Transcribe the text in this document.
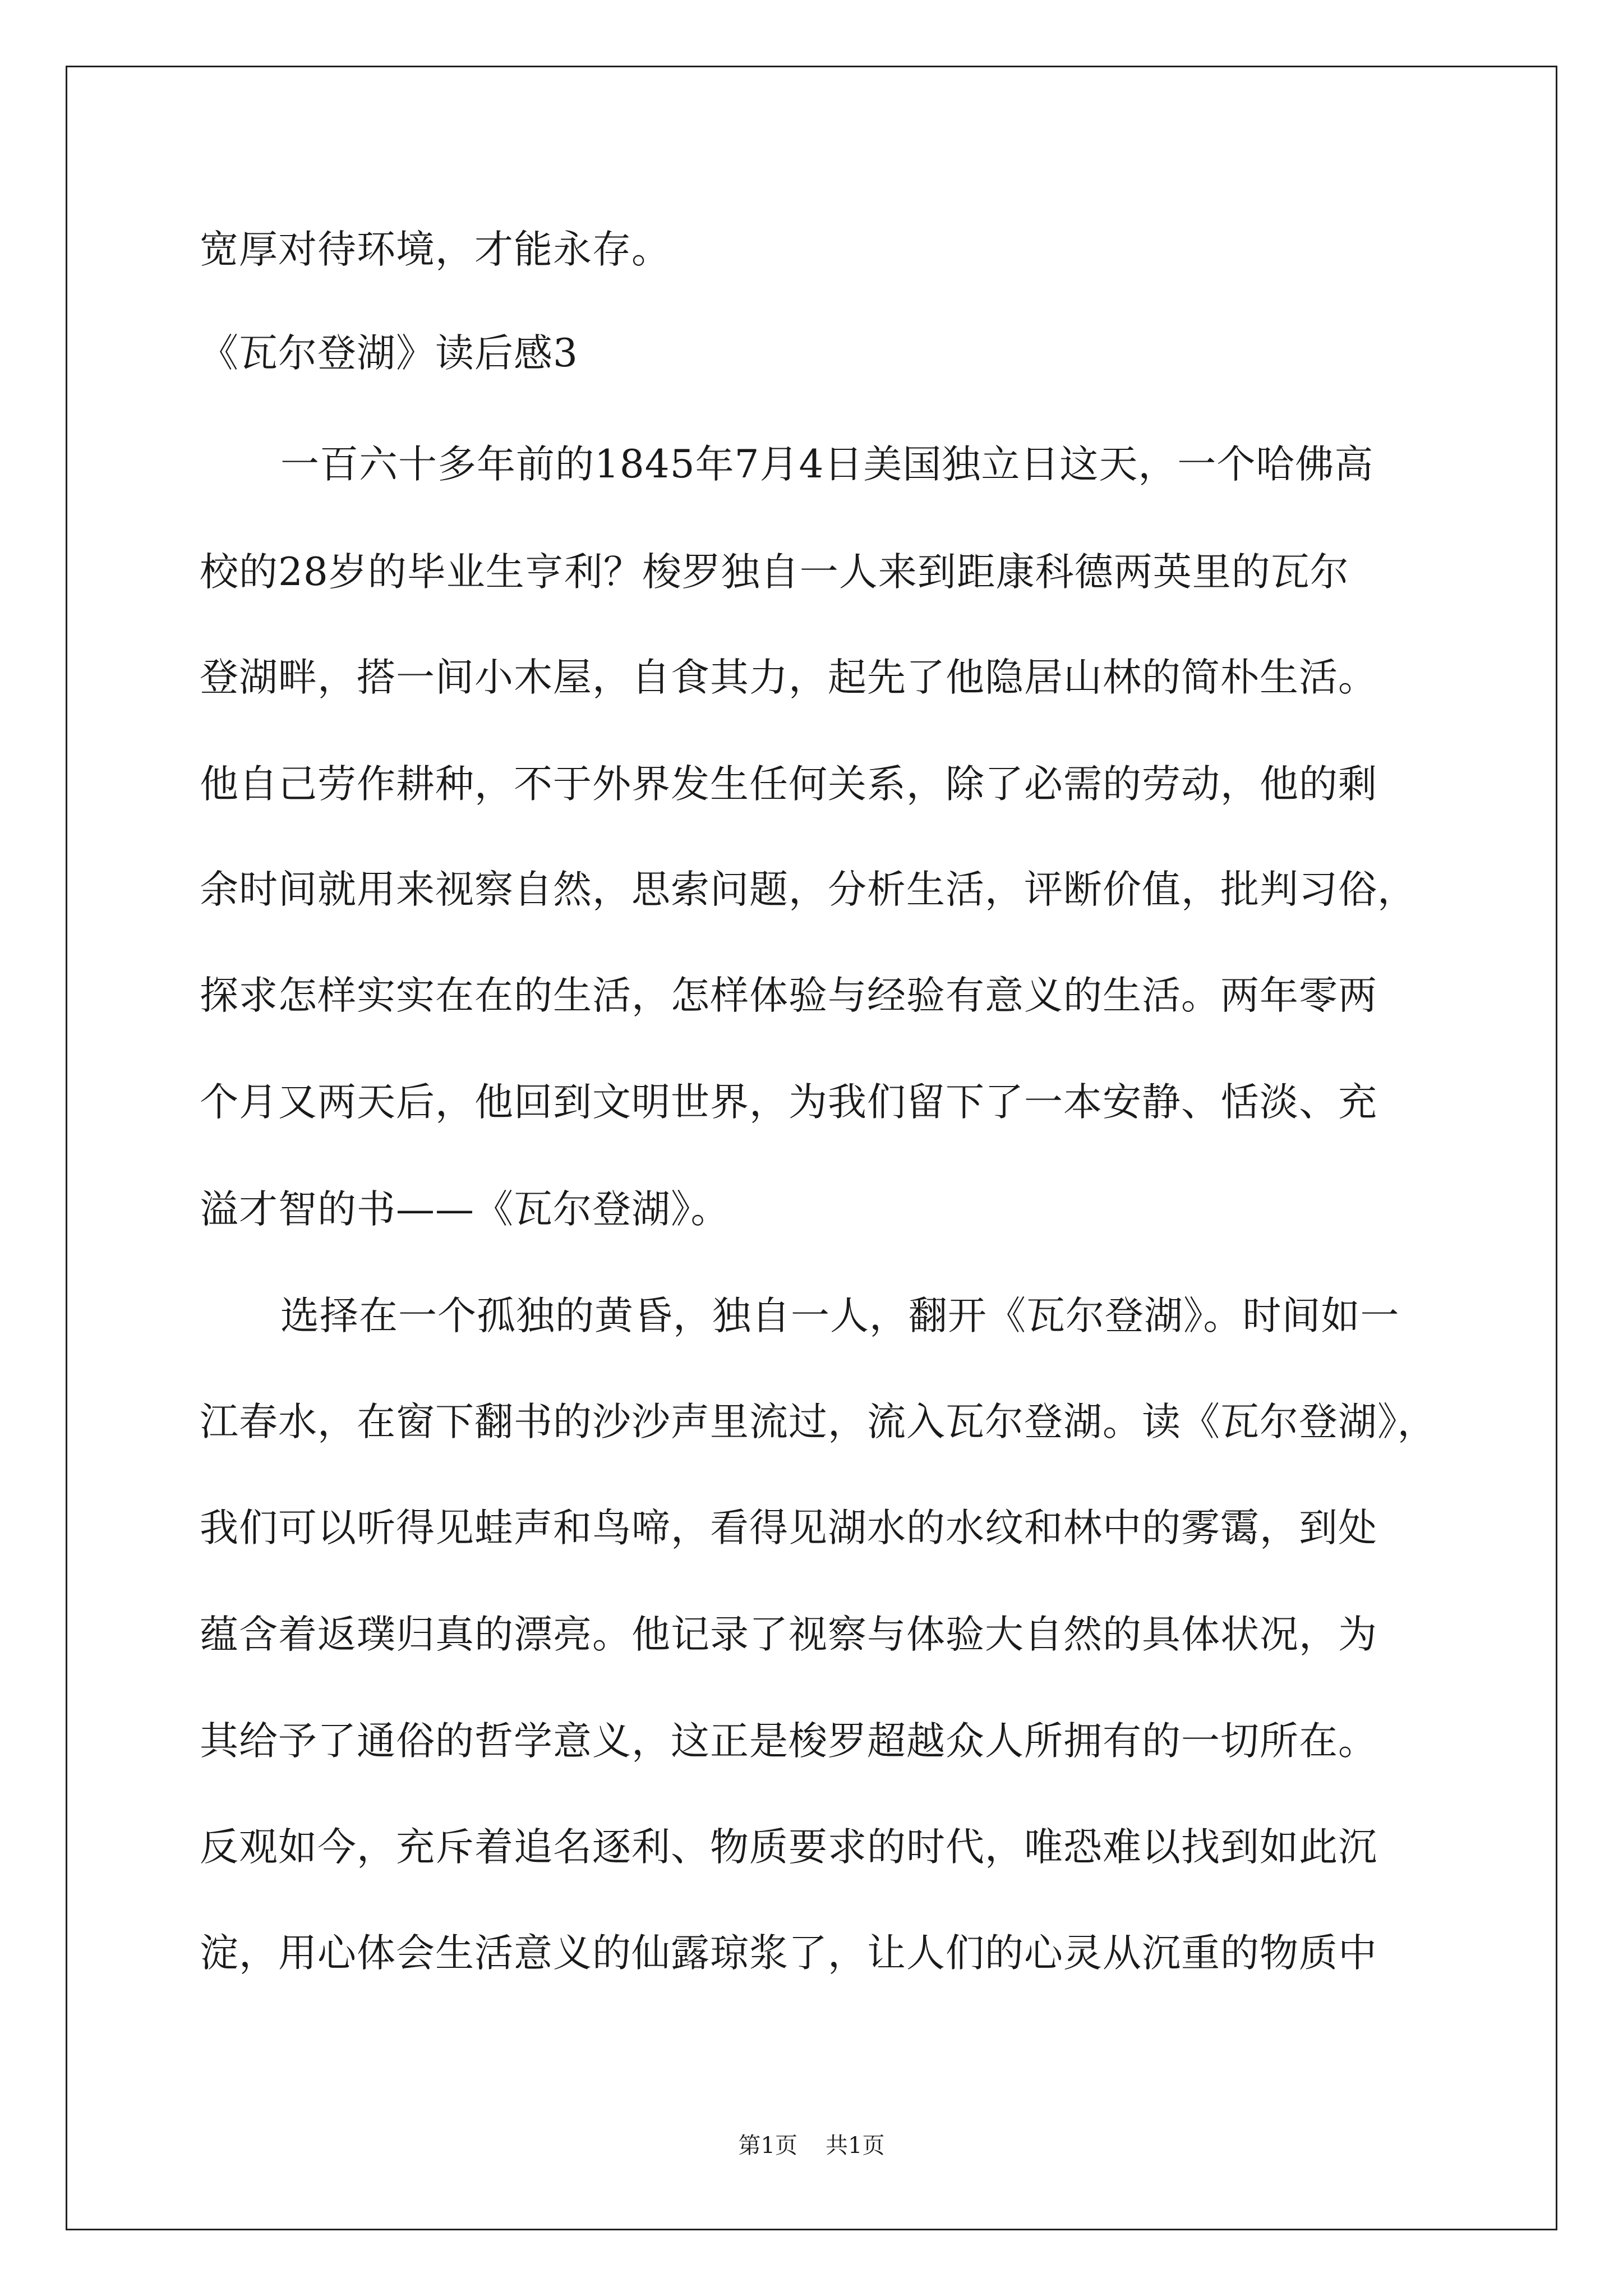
宽厚对待环境，才能永存。
《瓦尔登湖》读后感3
一百六十多年前的1845年7月4日美国独立日这天，一个哈佛高
校的28岁的毕业生亨利？梭罗独自一人来到距康科德两英里的瓦尔
登湖畔，搭一间小木屋，自食其力，起先了他隐居山林的简朴生活。
他自己劳作耕种，不于外界发生任何关系，除了必需的劳动，他的剩
余时间就用来视察自然，思索问题，分析生活，评断价值，批判习俗，
探求怎样实实在在的生活，怎样体验与经验有意义的生活。两年零两
个月又两天后，他回到文明世界，为我们留下了一本安静、恬淡、充
溢才智的书——《瓦尔登湖》。
选择在一个孤独的黄昏，独自一人，翻开《瓦尔登湖》。时间如一
江春水，在窗下翻书的沙沙声里流过，流入瓦尔登湖。读《瓦尔登湖》，
我们可以听得见蛙声和鸟啼，看得见湖水的水纹和林中的雾霭，到处
蕴含着返璞归真的漂亮。他记录了视察与体验大自然的具体状况，为
其给予了通俗的哲学意义，这正是梭罗超越众人所拥有的一切所在。
反观如今，充斥着追名逐利、物质要求的时代，唯恐难以找到如此沉
淀，用心体会生活意义的仙露琼浆了，让人们的心灵从沉重的物质中
第1页 共1页
